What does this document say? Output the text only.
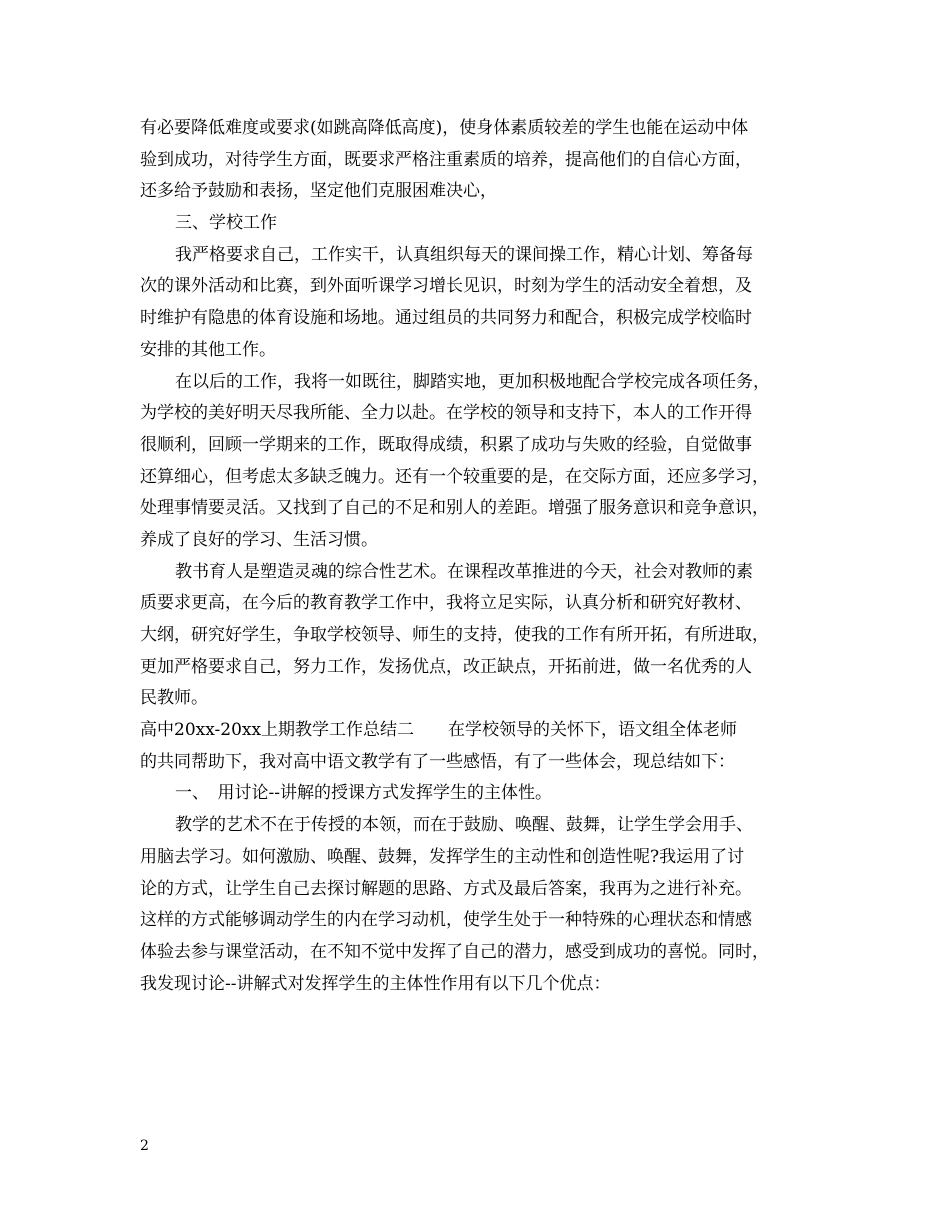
有必要降低难度或要求(如跳高降低高度)，使身体素质较差的学生也能在运动中体
验到成功，对待学生方面，既要求严格注重素质的培养，提高他们的自信心方面，
还多给予鼓励和表扬，坚定他们克服困难决心，
三、学校工作
我严格要求自己，工作实干，认真组织每天的课间操工作，精心计划、筹备每
次的课外活动和比赛，到外面听课学习增长见识，时刻为学生的活动安全着想，及
时维护有隐患的体育设施和场地。通过组员的共同努力和配合，积极完成学校临时
安排的其他工作。
在以后的工作，我将一如既往，脚踏实地，更加积极地配合学校完成各项任务，
为学校的美好明天尽我所能、全力以赴。在学校的领导和支持下，本人的工作开得
很顺利，回顾一学期来的工作，既取得成绩，积累了成功与失败的经验，自觉做事
还算细心，但考虑太多缺乏魄力。还有一个较重要的是，在交际方面，还应多学习，
处理事情要灵活。又找到了自己的不足和别人的差距。增强了服务意识和竞争意识，
养成了良好的学习、生活习惯。
教书育人是塑造灵魂的综合性艺术。在课程改革推进的今天，社会对教师的素
质要求更高，在今后的教育教学工作中，我将立足实际，认真分析和研究好教材、
大纲，研究好学生，争取学校领导、师生的支持，使我的工作有所开拓，有所进取，
更加严格要求自己，努力工作，发扬优点，改正缺点，开拓前进，做一名优秀的人
民教师。
高中20xx-20xx上期教学工作总结二　　在学校领导的关怀下，语文组全体老师
的共同帮助下，我对高中语文教学有了一些感悟，有了一些体会，现总结如下：
一、　用讨论--讲解的授课方式发挥学生的主体性。
教学的艺术不在于传授的本领，而在于鼓励、唤醒、鼓舞，让学生学会用手、
用脑去学习。如何激励、唤醒、鼓舞，发挥学生的主动性和创造性呢?我运用了讨
论的方式，让学生自己去探讨解题的思路、方式及最后答案，我再为之进行补充。
这样的方式能够调动学生的内在学习动机，使学生处于一种特殊的心理状态和情感
体验去参与课堂活动，在不知不觉中发挥了自己的潜力，感受到成功的喜悦。同时，
我发现讨论--讲解式对发挥学生的主体性作用有以下几个优点：
2
